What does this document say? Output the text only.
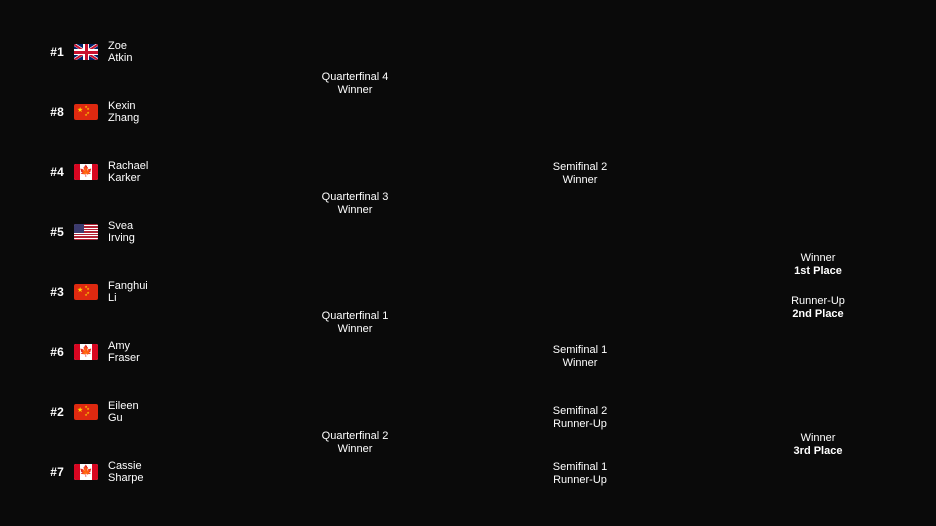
#1	Zoe
Atkin
#8 ★
★
★
★
★
Kexin
Zhang
#4 🍁 Rachael
Karker
#5	Svea
Irving
#3 ★
★
★
★
★
Fanghui
Li
#6 🍁 Amy
Fraser
#2 ★
★
★
★
★
Eileen
Gu
#7 🍁 Cassie
Sharpe
Quarterfinal 4
Winner
Quarterfinal 3
Winner
Quarterfinal 1
Winner
Quarterfinal 2
Winner
Semifinal 2
Winner
Semifinal 1
Winner
Semifinal 2
Runner-Up
Semifinal 1
Runner-Up
Winner
1st Place
Runner-Up
2nd Place
Winner
3rd Place
